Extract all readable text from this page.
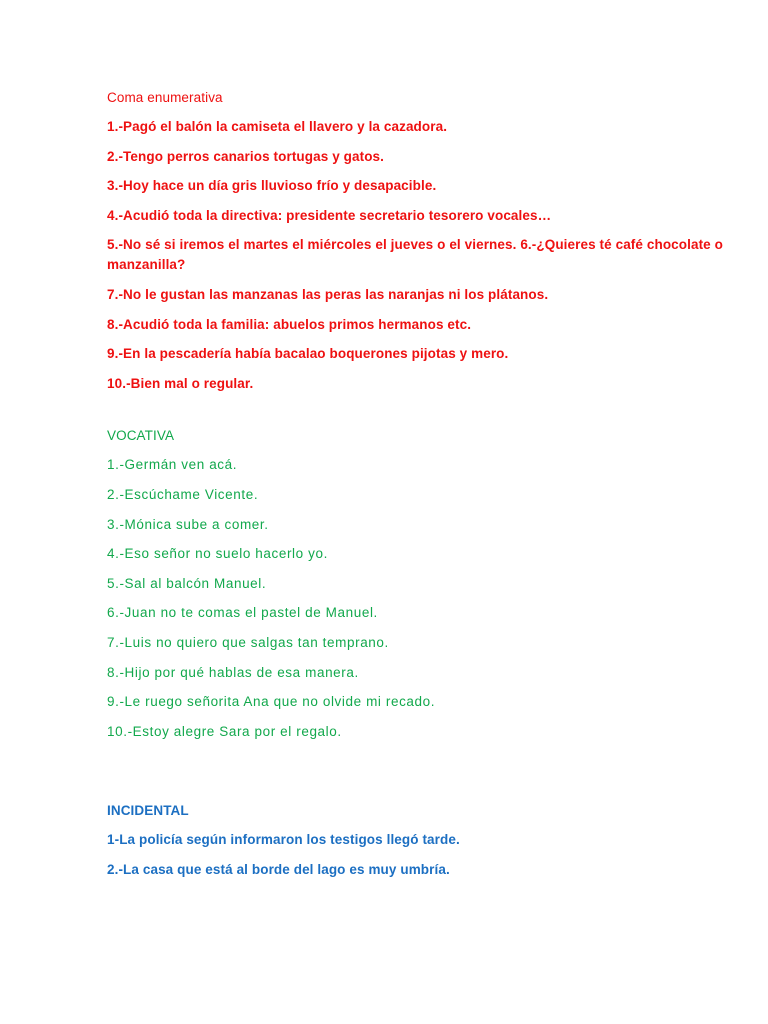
Coma enumerativa
1.-Pagó el balón la camiseta el llavero y la cazadora.
2.-Tengo perros canarios tortugas y gatos.
3.-Hoy hace un día gris lluvioso frío y desapacible.
4.-Acudió toda la directiva: presidente secretario tesorero vocales…
5.-No sé si iremos el martes el miércoles el jueves o el viernes. 6.-¿Quieres té café chocolate o manzanilla?
7.-No le gustan las manzanas las peras las naranjas ni los plátanos.
8.-Acudió toda la familia: abuelos primos hermanos etc.
9.-En la pescadería había bacalao boquerones pijotas y mero.
10.-Bien mal o regular.
VOCATIVA
1.-Germán ven acá.
2.-Escúchame Vicente.
3.-Mónica sube a comer.
4.-Eso señor no suelo hacerlo yo.
5.-Sal al balcón Manuel.
6.-Juan no te comas el pastel de Manuel.
7.-Luis no quiero que salgas tan temprano.
8.-Hijo por qué hablas de esa manera.
9.-Le ruego señorita Ana que no olvide mi recado.
10.-Estoy alegre Sara por el regalo.
INCIDENTAL
1-La policía según informaron los testigos llegó tarde.
2.-La casa que está al borde del lago es muy umbría.
